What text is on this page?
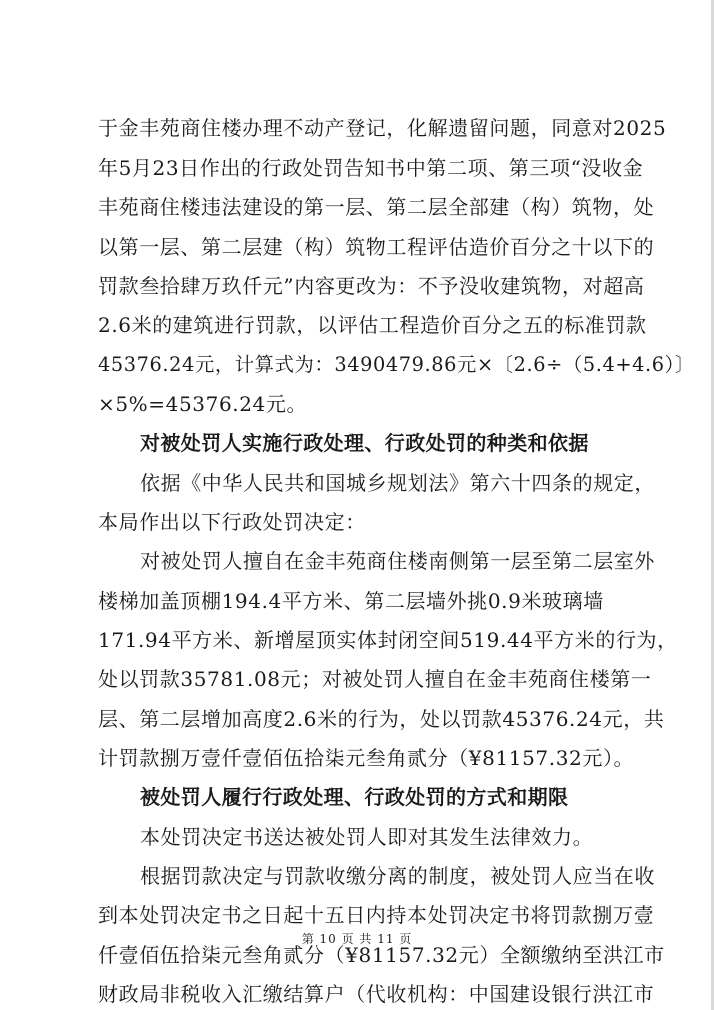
于金丰苑商住楼办理不动产登记，化解遗留问题，同意对2025
年5月23日作出的行政处罚告知书中第二项、第三项“没收金
丰苑商住楼违法建设的第一层、第二层全部建（构）筑物，处
以第一层、第二层建（构）筑物工程评估造价百分之十以下的
罚款叁拾肆万玖仟元”内容更改为：不予没收建筑物，对超高
2.6米的建筑进行罚款，以评估工程造价百分之五的标准罚款
45376.24元，计算式为：3490479.86元×〔2.6÷（5.4+4.6）〕
×5%=45376.24元。
对被处罚人实施行政处理、行政处罚的种类和依据
依据《中华人民共和国城乡规划法》第六十四条的规定，
本局作出以下行政处罚决定：
对被处罚人擅自在金丰苑商住楼南侧第一层至第二层室外
楼梯加盖顶棚194.4平方米、第二层墙外挑0.9米玻璃墙
171.94平方米、新增屋顶实体封闭空间519.44平方米的行为，
处以罚款35781.08元；对被处罚人擅自在金丰苑商住楼第一
层、第二层增加高度2.6米的行为，处以罚款45376.24元，共
计罚款捌万壹仟壹佰伍拾柒元叁角贰分（¥81157.32元）。
被处罚人履行行政处理、行政处罚的方式和期限
本处罚决定书送达被处罚人即对其发生法律效力。
根据罚款决定与罚款收缴分离的制度，被处罚人应当在收
到本处罚决定书之日起十五日内持本处罚决定书将罚款捌万壹
仟壹佰伍拾柒元叁角贰分（¥81157.32元）全额缴纳至洪江市
财政局非税收入汇缴结算户（代收机构：中国建设银行洪江市
第 10 页 共 11 页
